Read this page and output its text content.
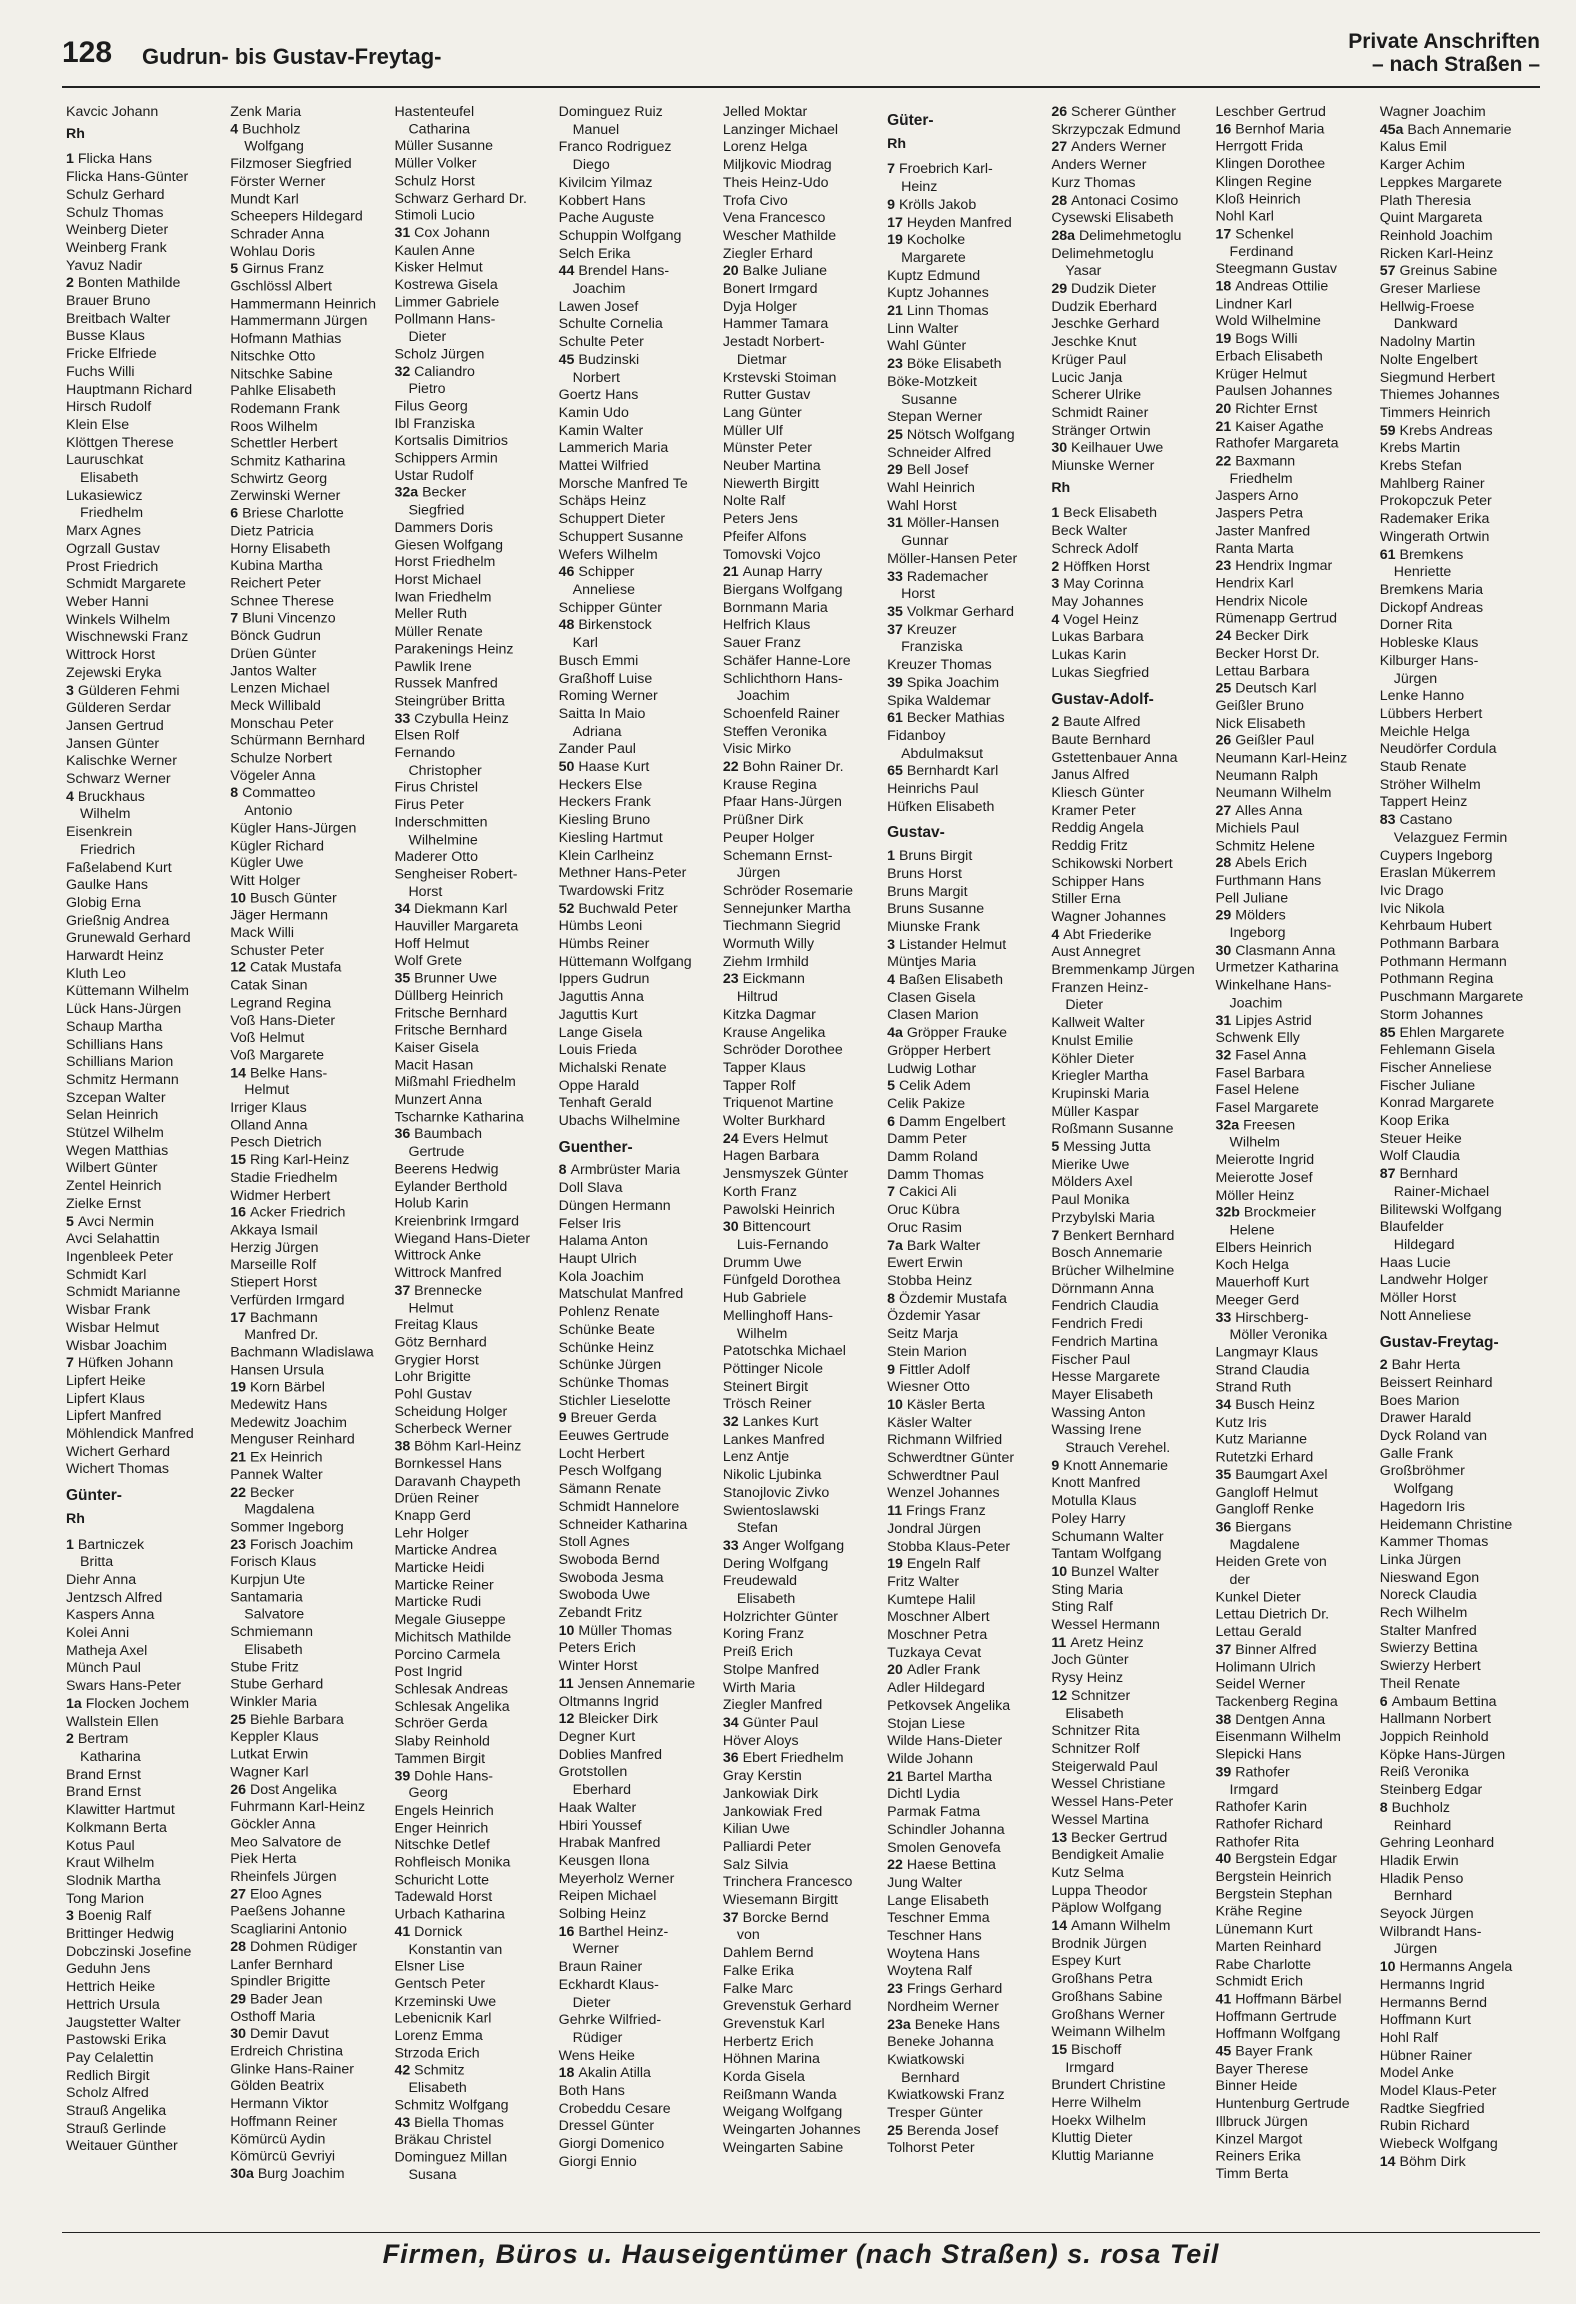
128 Gudrun- bis Gustav-Freytag-
Private Anschriften
– nach Straßen –
Kavcic Johann
Rh
1 Flicka Hans
Flicka Hans-Günter
Schulz Gerhard
Schulz Thomas
Weinberg Dieter
Weinberg Frank
Yavuz Nadir
2 Bonten Mathilde
Brauer Bruno
Breitbach Walter
Busse Klaus
Fricke Elfriede
Fuchs Willi
Hauptmann Richard
Hirsch Rudolf
Klein Else
Klöttgen Therese
Lauruschkat
Elisabeth
Lukasiewicz
Friedhelm
Marx Agnes
Ogrzall Gustav
Prost Friedrich
Schmidt Margarete
Weber Hanni
Winkels Wilhelm
Wischnewski Franz
Wittrock Horst
Zejewski Eryka
3 Gülderen Fehmi
Gülderen Serdar
Jansen Gertrud
Jansen Günter
Kalischke Werner
Schwarz Werner
4 Bruckhaus
Wilhelm
Eisenkrein
Friedrich
Faßelabend Kurt
Gaulke Hans
Globig Erna
Grießnig Andrea
Grunewald Gerhard
Harwardt Heinz
Kluth Leo
Küttemann Wilhelm
Lück Hans-Jürgen
Schaup Martha
Schillians Hans
Schillians Marion
Schmitz Hermann
Szcepan Walter
Selan Heinrich
Stützel Wilhelm
Wegen Matthias
Wilbert Günter
Zentel Heinrich
Zielke Ernst
5 Avci Nermin
Avci Selahattin
Ingenbleek Peter
Schmidt Karl
Schmidt Marianne
Wisbar Frank
Wisbar Helmut
Wisbar Joachim
7 Hüfken Johann
Lipfert Heike
Lipfert Klaus
Lipfert Manfred
Möhlendick Manfred
Wichert Gerhard
Wichert Thomas
Günter-
Rh
1 Bartniczek
Britta
Diehr Anna
Jentzsch Alfred
Kaspers Anna
Kolei Anni
Matheja Axel
Münch Paul
Swars Hans-Peter
1a Flocken Jochem
Wallstein Ellen
2 Bertram
Katharina
Brand Ernst
Brand Ernst
Klawitter Hartmut
Kolkmann Berta
Kotus Paul
Kraut Wilhelm
Slodnik Martha
Tong Marion
3 Boenig Ralf
Brittinger Hedwig
Dobczinski Josefine
Geduhn Jens
Hettrich Heike
Hettrich Ursula
Jaugstetter Walter
Pastowski Erika
Pay Celalettin
Redlich Birgit
Scholz Alfred
Strauß Angelika
Strauß Gerlinde
Weitauer Günther
Zenk Maria
4 Buchholz
Wolfgang
Filzmoser Siegfried
Förster Werner
Mundt Karl
Scheepers Hildegard
Schrader Anna
Wohlau Doris
5 Girnus Franz
Gschlössl Albert
Hammermann Heinrich
Hammermann Jürgen
Hofmann Mathias
Nitschke Otto
Nitschke Sabine
Pahlke Elisabeth
Rodemann Frank
Roos Wilhelm
Schettler Herbert
Schmitz Katharina
Schwirtz Georg
Zerwinski Werner
6 Briese Charlotte
Dietz Patricia
Horny Elisabeth
Kubina Martha
Reichert Peter
Schnee Therese
7 Bluni Vincenzo
Bönck Gudrun
Drüen Günter
Jantos Walter
Lenzen Michael
Meck Willibald
Monschau Peter
Schürmann Bernhard
Schulze Norbert
Vögeler Anna
8 Commatteo
Antonio
Kügler Hans-Jürgen
Kügler Richard
Kügler Uwe
Witt Holger
10 Busch Günter
Jäger Hermann
Mack Willi
Schuster Peter
12 Catak Mustafa
Catak Sinan
Legrand Regina
Voß Hans-Dieter
Voß Helmut
Voß Margarete
14 Belke Hans-
Helmut
Irriger Klaus
Olland Anna
Pesch Dietrich
15 Ring Karl-Heinz
Stadie Friedhelm
Widmer Herbert
16 Acker Friedrich
Akkaya Ismail
Herzig Jürgen
Marseille Rolf
Stiepert Horst
Verfürden Irmgard
17 Bachmann
Manfred Dr.
Bachmann Wladislawa
Hansen Ursula
19 Korn Bärbel
Medewitz Hans
Medewitz Joachim
Menguser Reinhard
21 Ex Heinrich
Pannek Walter
22 Becker
Magdalena
Sommer Ingeborg
23 Forisch Joachim
Forisch Klaus
Kurpjun Ute
Santamaria
Salvatore
Schmiemann
Elisabeth
Stube Fritz
Stube Gerhard
Winkler Maria
25 Biehle Barbara
Keppler Klaus
Lutkat Erwin
Wagner Karl
26 Dost Angelika
Fuhrmann Karl-Heinz
Göckler Anna
Meo Salvatore de
Piek Herta
Rheinfels Jürgen
27 Eloo Agnes
Paeßens Johanne
Scagliarini Antonio
28 Dohmen Rüdiger
Lanfer Bernhard
Spindler Brigitte
29 Bader Jean
Osthoff Maria
30 Demir Davut
Erdreich Christina
Glinke Hans-Rainer
Gölden Beatrix
Hermann Viktor
Hoffmann Reiner
Kömürcü Aydin
Kömürcü Gevriyi
30a Burg Joachim
Hastenteufel
Catharina
Müller Susanne
Müller Volker
Schulz Horst
Schwarz Gerhard Dr.
Stimoli Lucio
31 Cox Johann
Kaulen Anne
Kisker Helmut
Kostrewa Gisela
Limmer Gabriele
Pollmann Hans-
Dieter
Scholz Jürgen
32 Caliandro
Pietro
Filus Georg
Ibl Franziska
Kortsalis Dimitrios
Schippers Armin
Ustar Rudolf
32a Becker
Siegfried
Dammers Doris
Giesen Wolfgang
Horst Friedhelm
Horst Michael
Iwan Friedhelm
Meller Ruth
Müller Renate
Parakenings Heinz
Pawlik Irene
Russek Manfred
Steingrüber Britta
33 Czybulla Heinz
Elsen Rolf
Fernando
Christopher
Firus Christel
Firus Peter
Inderschmitten
Wilhelmine
Maderer Otto
Sengheiser Robert-
Horst
34 Diekmann Karl
Hauviller Margareta
Hoff Helmut
Wolf Grete
35 Brunner Uwe
Düllberg Heinrich
Fritsche Bernhard
Fritsche Bernhard
Kaiser Gisela
Macit Hasan
Mißmahl Friedhelm
Munzert Anna
Tscharnke Katharina
36 Baumbach
Gertrude
Beerens Hedwig
Eylander Berthold
Holub Karin
Kreienbrink Irmgard
Wiegand Hans-Dieter
Wittrock Anke
Wittrock Manfred
37 Brennecke
Helmut
Freitag Klaus
Götz Bernhard
Grygier Horst
Lohr Brigitte
Pohl Gustav
Scheidung Holger
Scherbeck Werner
38 Böhm Karl-Heinz
Bornkessel Hans
Daravanh Chaypeth
Drüen Reiner
Knapp Gerd
Lehr Holger
Marticke Andrea
Marticke Heidi
Marticke Reiner
Marticke Rudi
Megale Giuseppe
Michitsch Mathilde
Porcino Carmela
Post Ingrid
Schlesak Andreas
Schlesak Angelika
Schröer Gerda
Slaby Reinhold
Tammen Birgit
39 Dohle Hans-
Georg
Engels Heinrich
Enger Heinrich
Nitschke Detlef
Rohfleisch Monika
Schuricht Lotte
Tadewald Horst
Urbach Katharina
41 Dornick
Konstantin van
Elsner Lise
Gentsch Peter
Krzeminski Uwe
Lebenicnik Karl
Lorenz Emma
Strzoda Erich
42 Schmitz
Elisabeth
Schmitz Wolfgang
43 Biella Thomas
Bräkau Christel
Dominguez Millan
Susana
Dominguez Ruiz
Manuel
Franco Rodriguez
Diego
Kivilcim Yilmaz
Kobbert Hans
Pache Auguste
Schuppin Wolfgang
Selch Erika
44 Brendel Hans-
Joachim
Lawen Josef
Schulte Cornelia
Schulte Peter
45 Budzinski
Norbert
Goertz Hans
Kamin Udo
Kamin Walter
Lammerich Maria
Mattei Wilfried
Morsche Manfred Te
Schäps Heinz
Schuppert Dieter
Schuppert Susanne
Wefers Wilhelm
46 Schipper
Anneliese
Schipper Günter
48 Birkenstock
Karl
Busch Emmi
Graßhoff Luise
Roming Werner
Saitta In Maio
Adriana
Zander Paul
50 Haase Kurt
Heckers Else
Heckers Frank
Kiesling Bruno
Kiesling Hartmut
Klein Carlheinz
Methner Hans-Peter
Twardowski Fritz
52 Buchwald Peter
Hümbs Leoni
Hümbs Reiner
Hüttemann Wolfgang
Ippers Gudrun
Jaguttis Anna
Jaguttis Kurt
Lange Gisela
Louis Frieda
Michalski Renate
Oppe Harald
Tenhaft Gerald
Ubachs Wilhelmine
Guenther-
8 Armbrüster Maria
Doll Slava
Düngen Hermann
Felser Iris
Halama Anton
Haupt Ulrich
Kola Joachim
Matschulat Manfred
Pohlenz Renate
Schünke Beate
Schünke Heinz
Schünke Jürgen
Schünke Thomas
Stichler Lieselotte
9 Breuer Gerda
Eeuwes Gertrude
Locht Herbert
Pesch Wolfgang
Sämann Renate
Schmidt Hannelore
Schneider Katharina
Stoll Agnes
Swoboda Bernd
Swoboda Jesma
Swoboda Uwe
Zebandt Fritz
10 Müller Thomas
Peters Erich
Winter Horst
11 Jensen Annemarie
Oltmanns Ingrid
12 Bleicker Dirk
Degner Kurt
Doblies Manfred
Grotstollen
Eberhard
Haak Walter
Hbiri Youssef
Hrabak Manfred
Keusgen Ilona
Meyerholz Werner
Reipen Michael
Solbing Heinz
16 Barthel Heinz-
Werner
Braun Rainer
Eckhardt Klaus-
Dieter
Gehrke Wilfried-
Rüdiger
Wens Heike
18 Akalin Atilla
Both Hans
Crobeddu Cesare
Dressel Günter
Giorgi Domenico
Giorgi Ennio
Jelled Moktar
Lanzinger Michael
Lorenz Helga
Miljkovic Miodrag
Theis Heinz-Udo
Trofa Civo
Vena Francesco
Wescher Mathilde
Ziegler Erhard
20 Balke Juliane
Bonert Irmgard
Dyja Holger
Hammer Tamara
Jestadt Norbert-
Dietmar
Krstevski Stoiman
Rutter Gustav
Lang Günter
Müller Ulf
Münster Peter
Neuber Martina
Niewerth Birgitt
Nolte Ralf
Peters Jens
Pfeifer Alfons
Tomovski Vojco
21 Aunap Harry
Biergans Wolfgang
Bornmann Maria
Helfrich Klaus
Sauer Franz
Schäfer Hanne-Lore
Schlichthorn Hans-
Joachim
Schoenfeld Rainer
Steffen Veronika
Visic Mirko
22 Bohn Rainer Dr.
Krause Regina
Pfaar Hans-Jürgen
Prüßner Dirk
Peuper Holger
Schemann Ernst-
Jürgen
Schröder Rosemarie
Sennejunker Martha
Tiechmann Siegrid
Wormuth Willy
Ziehm Irmhild
23 Eickmann
Hiltrud
Kitzka Dagmar
Krause Angelika
Schröder Dorothee
Tapper Klaus
Tapper Rolf
Triquenot Martine
Wolter Burkhard
24 Evers Helmut
Hagen Barbara
Jensmyszek Günter
Korth Franz
Pawolski Heinrich
30 Bittencourt
Luis-Fernando
Drumm Uwe
Fünfgeld Dorothea
Hub Gabriele
Mellinghoff Hans-
Wilhelm
Patotschka Michael
Pöttinger Nicole
Steinert Birgit
Trösch Reiner
32 Lankes Kurt
Lankes Manfred
Lenz Antje
Nikolic Ljubinka
Stanojlovic Zivko
Swientoslawski
Stefan
33 Anger Wolfgang
Dering Wolfgang
Freudewald
Elisabeth
Holzrichter Günter
Koring Franz
Preiß Erich
Stolpe Manfred
Wirth Maria
Ziegler Manfred
34 Günter Paul
Höver Aloys
36 Ebert Friedhelm
Gray Kerstin
Jankowiak Dirk
Jankowiak Fred
Kilian Uwe
Palliardi Peter
Salz Silvia
Trinchera Francesco
Wiesemann Birgitt
37 Borcke Bernd
von
Dahlem Bernd
Falke Erika
Falke Marc
Grevenstuk Gerhard
Grevenstuk Karl
Herbertz Erich
Höhnen Marina
Korda Gisela
Reißmann Wanda
Weigang Wolfgang
Weingarten Johannes
Weingarten Sabine
Güter-
Rh
7 Froebrich Karl-
Heinz
9 Krölls Jakob
17 Heyden Manfred
19 Kocholke
Margarete
Kuptz Edmund
Kuptz Johannes
21 Linn Thomas
Linn Walter
Wahl Günter
23 Böke Elisabeth
Böke-Motzkeit
Susanne
Stepan Werner
25 Nötsch Wolfgang
Schneider Alfred
29 Bell Josef
Wahl Heinrich
Wahl Horst
31 Möller-Hansen
Gunnar
Möller-Hansen Peter
33 Rademacher
Horst
35 Volkmar Gerhard
37 Kreuzer
Franziska
Kreuzer Thomas
39 Spika Joachim
Spika Waldemar
61 Becker Mathias
Fidanboy
Abdulmaksut
65 Bernhardt Karl
Heinrichs Paul
Hüfken Elisabeth
Gustav-
1 Bruns Birgit
Bruns Horst
Bruns Margit
Bruns Susanne
Miunske Frank
3 Listander Helmut
Müntjes Maria
4 Baßen Elisabeth
Clasen Gisela
Clasen Marion
4a Gröpper Frauke
Gröpper Herbert
Ludwig Lothar
5 Celik Adem
Celik Pakize
6 Damm Engelbert
Damm Peter
Damm Roland
Damm Thomas
7 Cakici Ali
Oruc Kübra
Oruc Rasim
7a Bark Walter
Ewert Erwin
Stobba Heinz
8 Özdemir Mustafa
Özdemir Yasar
Seitz Marja
Stein Marion
9 Fittler Adolf
Wiesner Otto
10 Käsler Berta
Käsler Walter
Richmann Wilfried
Schwerdtner Günter
Schwerdtner Paul
Wenzel Johannes
11 Frings Franz
Jondral Jürgen
Stobba Klaus-Peter
19 Engeln Ralf
Fritz Walter
Kumtepe Halil
Moschner Albert
Moschner Petra
Tuzkaya Cevat
20 Adler Frank
Adler Hildegard
Petkovsek Angelika
Stojan Liese
Wilde Hans-Dieter
Wilde Johann
21 Bartel Martha
Dichtl Lydia
Parmak Fatma
Schindler Johanna
Smolen Genovefa
22 Haese Bettina
Jung Walter
Lange Elisabeth
Teschner Emma
Teschner Hans
Woytena Hans
Woytena Ralf
23 Frings Gerhard
Nordheim Werner
23a Beneke Hans
Beneke Johanna
Kwiatkowski
Bernhard
Kwiatkowski Franz
Tresper Günter
25 Berenda Josef
Tolhorst Peter
26 Scherer Günther
Skrzypczak Edmund
27 Anders Werner
Anders Werner
Kurz Thomas
28 Antonaci Cosimo
Cysewski Elisabeth
28a Delimehmetoglu
Delimehmetoglu
Yasar
29 Dudzik Dieter
Dudzik Eberhard
Jeschke Gerhard
Jeschke Knut
Krüger Paul
Lucic Janja
Scherer Ulrike
Schmidt Rainer
Stränger Ortwin
30 Keilhauer Uwe
Miunske Werner
Rh
1 Beck Elisabeth
Beck Walter
Schreck Adolf
2 Höffken Horst
3 May Corinna
May Johannes
4 Vogel Heinz
Lukas Barbara
Lukas Karin
Lukas Siegfried
Gustav-Adolf-
2 Baute Alfred
Baute Bernhard
Gstettenbauer Anna
Janus Alfred
Kliesch Günter
Kramer Peter
Reddig Angela
Reddig Fritz
Schikowski Norbert
Schipper Hans
Stiller Erna
Wagner Johannes
4 Abt Friederike
Aust Annegret
Bremmenkamp Jürgen
Franzen Heinz-
Dieter
Kallweit Walter
Knulst Emilie
Köhler Dieter
Kriegler Martha
Krupinski Maria
Müller Kaspar
Roßmann Susanne
5 Messing Jutta
Mierike Uwe
Mölders Axel
Paul Monika
Przybylski Maria
7 Benkert Bernhard
Bosch Annemarie
Brücher Wilhelmine
Dörnmann Anna
Fendrich Claudia
Fendrich Fredi
Fendrich Martina
Fischer Paul
Hesse Margarete
Mayer Elisabeth
Wassing Anton
Wassing Irene
Strauch Verehel.
9 Knott Annemarie
Knott Manfred
Motulla Klaus
Poley Harry
Schumann Walter
Tantam Wolfgang
10 Bunzel Walter
Sting Maria
Sting Ralf
Wessel Hermann
11 Aretz Heinz
Joch Günter
Rysy Heinz
12 Schnitzer
Elisabeth
Schnitzer Rita
Schnitzer Rolf
Steigerwald Paul
Wessel Christiane
Wessel Hans-Peter
Wessel Martina
13 Becker Gertrud
Bendigkeit Amalie
Kutz Selma
Luppa Theodor
Päplow Wolfgang
14 Amann Wilhelm
Brodnik Jürgen
Espey Kurt
Großhans Petra
Großhans Sabine
Großhans Werner
Weimann Wilhelm
15 Bischoff
Irmgard
Brundert Christine
Herre Wilhelm
Hoekx Wilhelm
Kluttig Dieter
Kluttig Marianne
Leschber Gertrud
16 Bernhof Maria
Herrgott Frida
Klingen Dorothee
Klingen Regine
Kloß Heinrich
Nohl Karl
17 Schenkel
Ferdinand
Steegmann Gustav
18 Andreas Ottilie
Lindner Karl
Wold Wilhelmine
19 Bogs Willi
Erbach Elisabeth
Krüger Helmut
Paulsen Johannes
20 Richter Ernst
21 Kaiser Agathe
Rathofer Margareta
22 Baxmann
Friedhelm
Jaspers Arno
Jaspers Petra
Jaster Manfred
Ranta Marta
23 Hendrix Ingmar
Hendrix Karl
Hendrix Nicole
Rümenapp Gertrud
24 Becker Dirk
Becker Horst Dr.
Lettau Barbara
25 Deutsch Karl
Geißler Bruno
Nick Elisabeth
26 Geißler Paul
Neumann Karl-Heinz
Neumann Ralph
Neumann Wilhelm
27 Alles Anna
Michiels Paul
Schmitz Helene
28 Abels Erich
Furthmann Hans
Pell Juliane
29 Mölders
Ingeborg
30 Clasmann Anna
Urmetzer Katharina
Winkelhane Hans-
Joachim
31 Lipjes Astrid
Schwenk Elly
32 Fasel Anna
Fasel Barbara
Fasel Helene
Fasel Margarete
32a Freesen
Wilhelm
Meierotte Ingrid
Meierotte Josef
Möller Heinz
32b Brockmeier
Helene
Elbers Heinrich
Koch Helga
Mauerhoff Kurt
Meeger Gerd
33 Hirschberg-
Möller Veronika
Langmayr Klaus
Strand Claudia
Strand Ruth
34 Busch Heinz
Kutz Iris
Kutz Marianne
Rutetzki Erhard
35 Baumgart Axel
Gangloff Helmut
Gangloff Renke
36 Biergans
Magdalene
Heiden Grete von
der
Kunkel Dieter
Lettau Dietrich Dr.
Lettau Gerald
37 Binner Alfred
Holimann Ulrich
Seidel Werner
Tackenberg Regina
38 Dentgen Anna
Eisenmann Wilhelm
Slepicki Hans
39 Rathofer
Irmgard
Rathofer Karin
Rathofer Richard
Rathofer Rita
40 Bergstein Edgar
Bergstein Heinrich
Bergstein Stephan
Krähe Regine
Lünemann Kurt
Marten Reinhard
Rabe Charlotte
Schmidt Erich
41 Hoffmann Bärbel
Hoffmann Gertrude
Hoffmann Wolfgang
45 Bayer Frank
Bayer Therese
Binner Heide
Huntenburg Gertrude
Illbruck Jürgen
Kinzel Margot
Reiners Erika
Timm Berta
Wagner Joachim
45a Bach Annemarie
Kalus Emil
Karger Achim
Leppkes Margarete
Plath Theresia
Quint Margareta
Reinhold Joachim
Ricken Karl-Heinz
57 Greinus Sabine
Greser Marliese
Hellwig-Froese
Dankward
Nadolny Martin
Nolte Engelbert
Siegmund Herbert
Thiemes Johannes
Timmers Heinrich
59 Krebs Andreas
Krebs Martin
Krebs Stefan
Mahlberg Rainer
Prokopczuk Peter
Rademaker Erika
Wingerath Ortwin
61 Bremkens
Henriette
Bremkens Maria
Dickopf Andreas
Dorner Rita
Hobleske Klaus
Kilburger Hans-
Jürgen
Lenke Hanno
Lübbers Herbert
Meichle Helga
Neudörfer Cordula
Staub Renate
Ströher Wilhelm
Tappert Heinz
83 Castano
Velazguez Fermin
Cuypers Ingeborg
Eraslan Mükerrem
Ivic Drago
Ivic Nikola
Kehrbaum Hubert
Pothmann Barbara
Pothmann Hermann
Pothmann Regina
Puschmann Margarete
Storm Johannes
85 Ehlen Margarete
Fehlemann Gisela
Fischer Anneliese
Fischer Juliane
Konrad Margarete
Koop Erika
Steuer Heike
Wolf Claudia
87 Bernhard
Rainer-Michael
Bilitewski Wolfgang
Blaufelder
Hildegard
Haas Lucie
Landwehr Holger
Möller Horst
Nott Anneliese
Gustav-Freytag-
2 Bahr Herta
Beissert Reinhard
Boes Marion
Drawer Harald
Dyck Roland van
Galle Frank
Großbröhmer
Wolfgang
Hagedorn Iris
Heidemann Christine
Kammer Thomas
Linka Jürgen
Nieswand Egon
Noreck Claudia
Rech Wilhelm
Stalter Manfred
Swierzy Bettina
Swierzy Herbert
Theil Renate
6 Ambaum Bettina
Hallmann Norbert
Joppich Reinhold
Köpke Hans-Jürgen
Reiß Veronika
Steinberg Edgar
8 Buchholz
Reinhard
Gehring Leonhard
Hladik Erwin
Hladik Penso
Bernhard
Seyock Jürgen
Wilbrandt Hans-
Jürgen
10 Hermanns Angela
Hermanns Ingrid
Hermanns Bernd
Hoffmann Kurt
Hohl Ralf
Hübner Rainer
Model Anke
Model Klaus-Peter
Radtke Siegfried
Rubin Richard
Wiebeck Wolfgang
14 Böhm Dirk
Firmen, Büros u. Hauseigentümer (nach Straßen) s. rosa Teil
